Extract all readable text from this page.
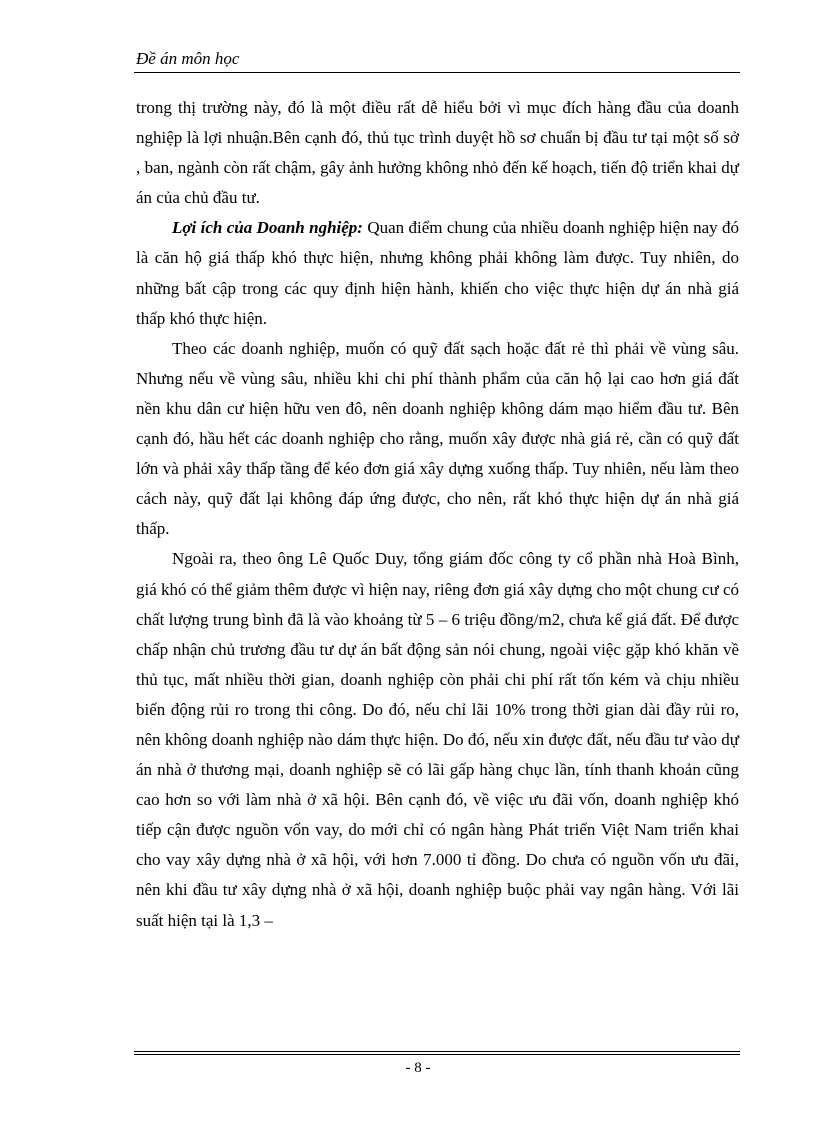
Đề án môn học

trong thị trường này, đó là một điều rất dễ hiểu bởi vì mục đích hàng đầu của doanh nghiệp là lợi nhuận.Bên cạnh đó, thủ tục trình duyệt hồ sơ chuẩn bị đầu tư tại một số sở , ban, ngành còn rất chậm, gây ảnh hưởng không nhỏ đến kế hoạch, tiến độ triển khai dự án của chủ đầu tư.

Lợi ích của Doanh nghiệp: Quan điểm chung của nhiều doanh nghiệp hiện nay đó là căn hộ giá thấp khó thực hiện, nhưng không phải không làm được. Tuy nhiên, do những bất cập trong các quy định hiện hành, khiến cho việc thực hiện dự án nhà giá thấp khó thực hiện.

Theo các doanh nghiệp, muốn có quỹ đất sạch hoặc đất rẻ thì phải về vùng sâu. Nhưng nếu về vùng sâu, nhiều khi chi phí thành phẩm của căn hộ lại cao hơn giá đất nền khu dân cư hiện hữu ven đô, nên doanh nghiệp không dám mạo hiểm đầu tư. Bên cạnh đó, hầu hết các doanh nghiệp cho rằng, muốn xây được nhà giá rẻ, cần có quỹ đất lớn và phải xây thấp tầng để kéo đơn giá xây dựng xuống thấp. Tuy nhiên, nếu làm theo cách này, quỹ đất lại không đáp ứng được, cho nên, rất khó thực hiện dự án nhà giá thấp.

Ngoài ra, theo ông Lê Quốc Duy, tổng giám đốc công ty cổ phần nhà Hoà Bình, giá khó có thể giảm thêm được vì hiện nay, riêng đơn giá xây dựng cho một chung cư có chất lượng trung bình đã là vào khoảng từ 5 – 6 triệu đồng/m2, chưa kể giá đất. Để được chấp nhận chủ trương đầu tư dự án bất động sản nói chung, ngoài việc gặp khó khăn về thủ tục, mất nhiều thời gian, doanh nghiệp còn phải chi phí rất tốn kém và chịu nhiều biến động rủi ro trong thi công. Do đó, nếu chỉ lãi 10% trong thời gian dài đầy rủi ro, nên không doanh nghiệp nào dám thực hiện. Do đó, nếu xin được đất, nếu đầu tư vào dự án nhà ở thương mại, doanh nghiệp sẽ có lãi gấp hàng chục lần, tính thanh khoản cũng cao hơn so với làm nhà ở xã hội. Bên cạnh đó, về việc ưu đãi vốn, doanh nghiệp khó tiếp cận được nguồn vốn vay, do mới chỉ có ngân hàng Phát triển Việt Nam triển khai cho vay xây dựng nhà ở xã hội, với hơn 7.000 tỉ đồng. Do chưa có nguồn vốn ưu đãi, nên khi đầu tư xây dựng nhà ở xã hội, doanh nghiệp buộc phải vay ngân hàng. Với lãi suất hiện tại là 1,3 –

- 8 -
